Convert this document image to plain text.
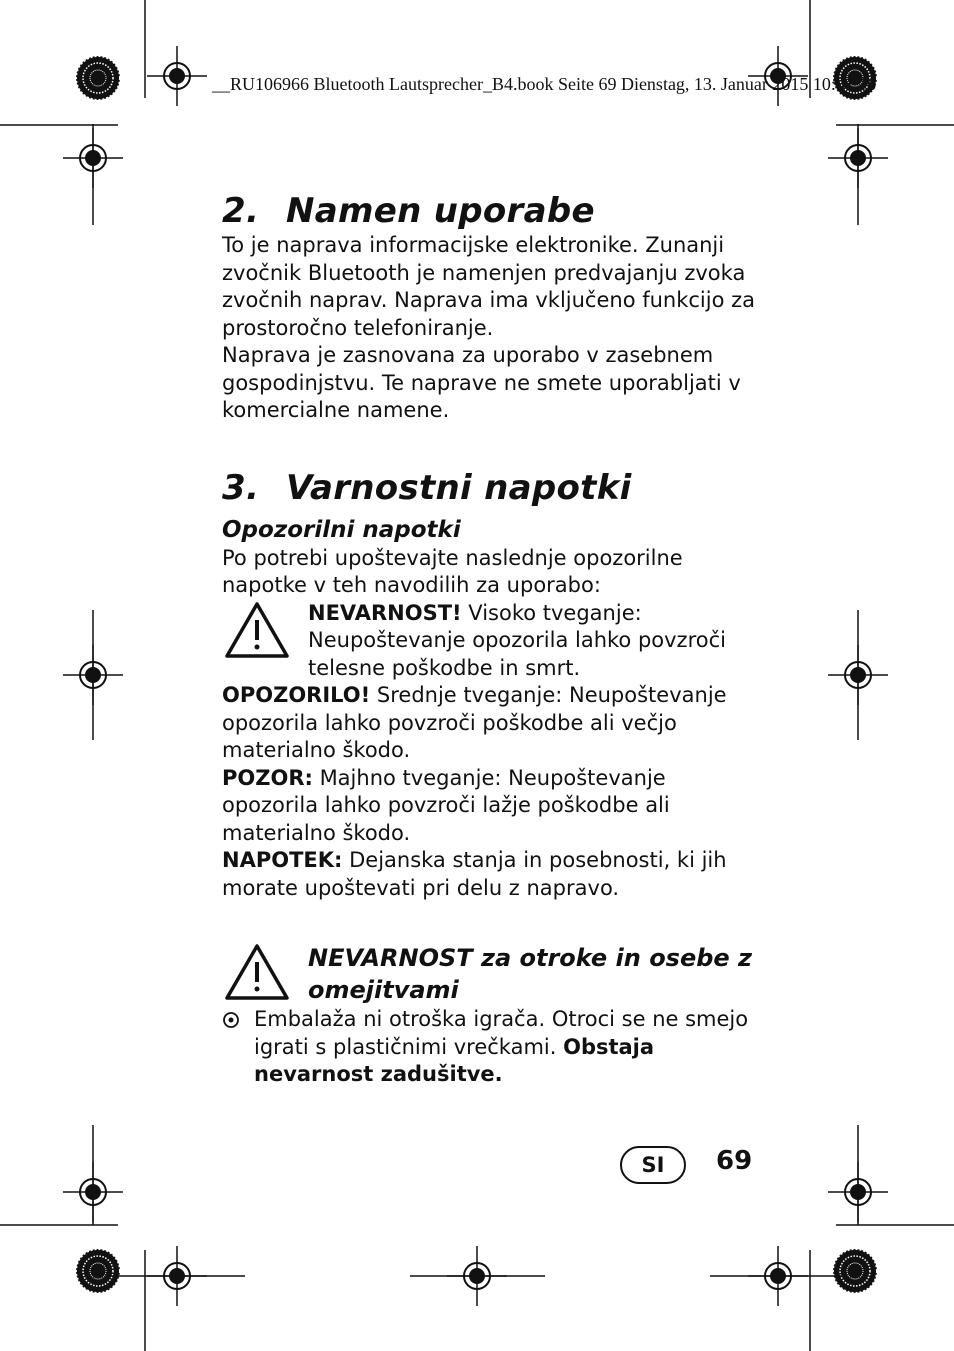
__RU106966 Bluetooth Lautsprecher_B4.book Seite 69 Dienstag, 13. Januar 2015 10:31 10
2. Namen uporabe

To je naprava informacijske elektronike. Zunanji zvočnik Bluetooth je namenjen predvajanju zvoka zvočnih naprav. Naprava ima vključeno funkcijo za prostoročno telefoniranje.

Naprava je zasnovana za uporabo v zasebnem gospodinjstvu. Te naprave ne smete uporabljati v komercialne namene.

3. Varnostni napotki
Opozorilni napotki

Po potrebi upoštevajte naslednje opozorilne napotke v teh navodilih za uporabo:

NEVARNOST! Visoko tveganje: Neupoštevanje opozorila lahko povzroči telesne poškodbe in smrt.

OPOZORILO! Srednje tveganje: Neupoštevanje opozorila lahko povzroči poškodbe ali večjo materialno škodo.

POZOR: Majhno tveganje: Neupoštevanje opozorila lahko povzroči lažje poškodbe ali materialno škodo.

NAPOTEK: Dejanska stanja in posebnosti, ki jih morate upoštevati pri delu z napravo.

NEVARNOST za otroke in osebe z omejitvami

Embalaža ni otroška igrača. Otroci se ne smejo igrati s plastičnimi vrečkami. Obstaja nevarnost zadušitve.

SI	69
